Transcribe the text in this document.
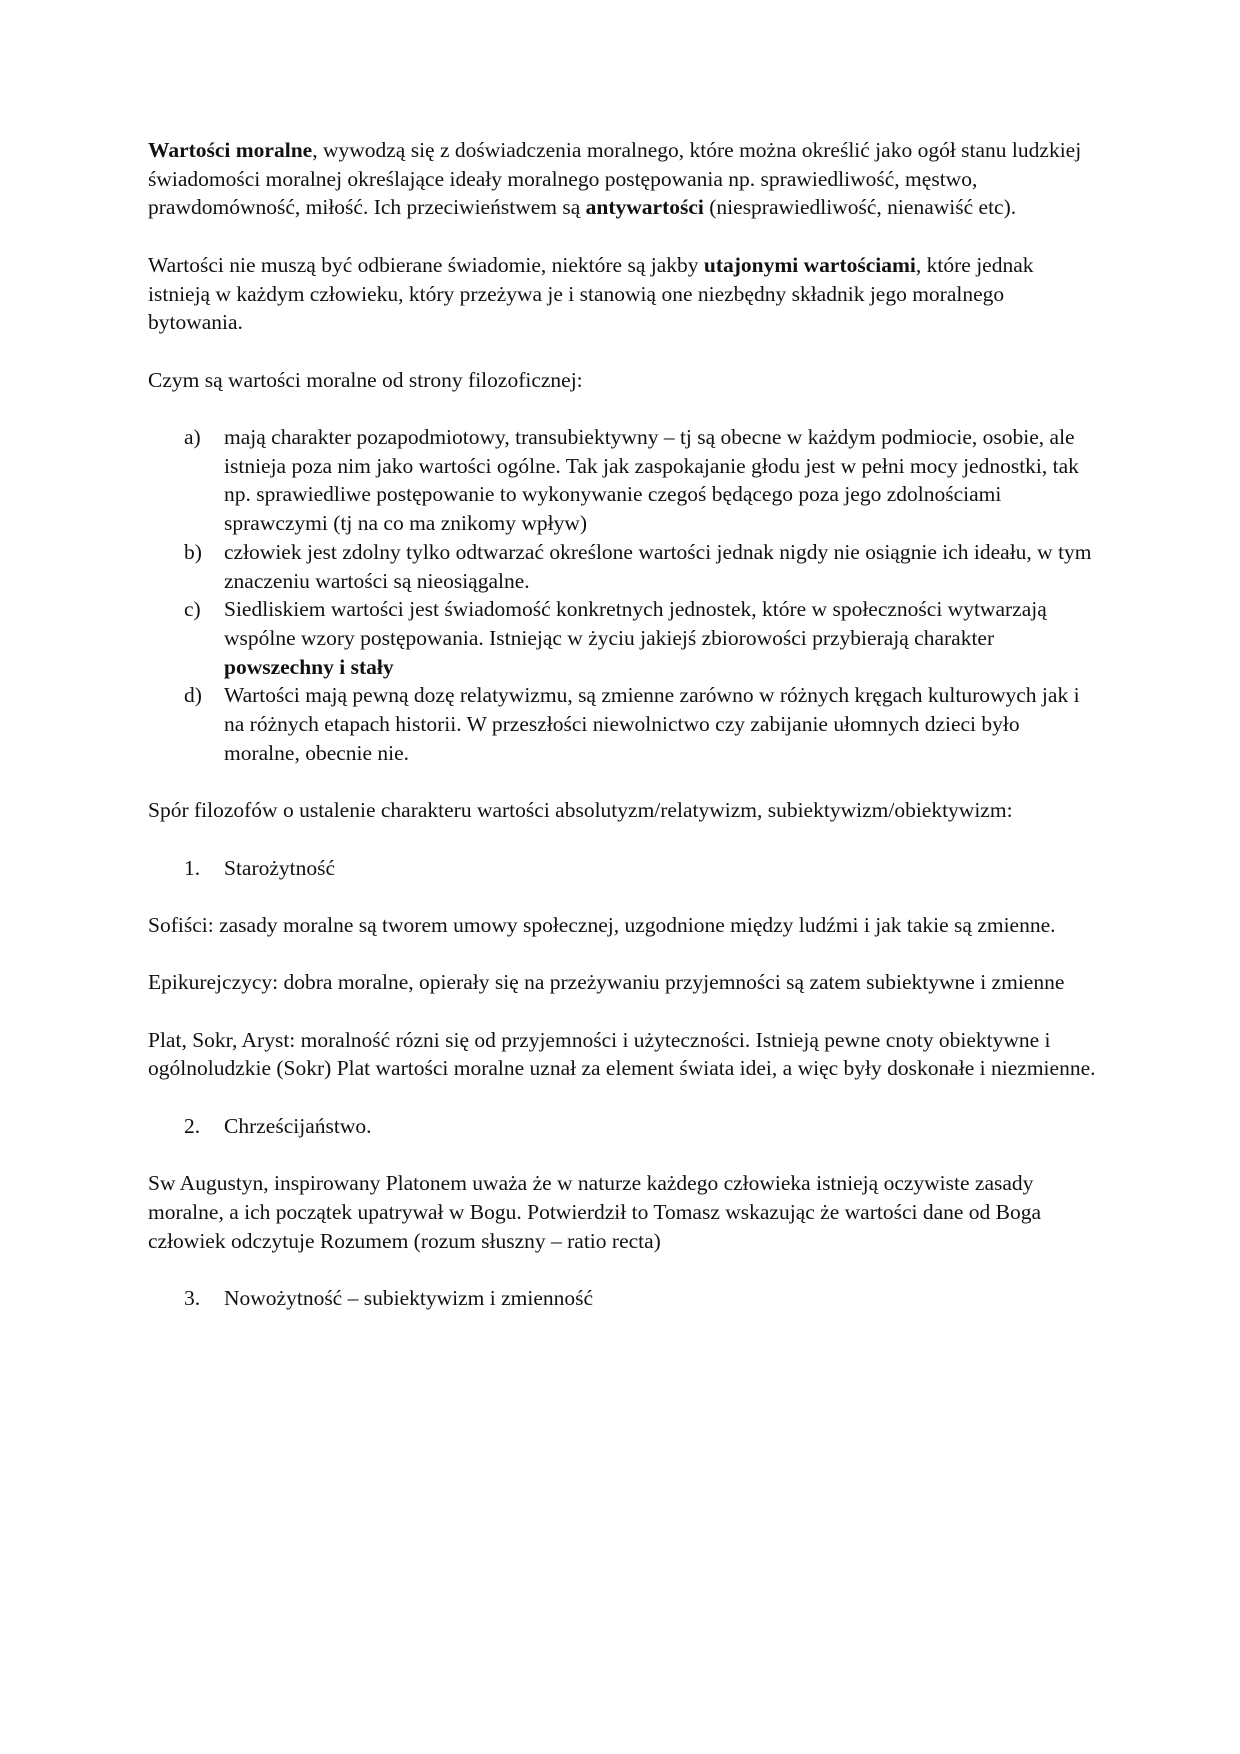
Wartości moralne, wywodzą się z doświadczenia moralnego, które można określić jako ogół stanu ludzkiej świadomości moralnej określające ideały moralnego postępowania np. sprawiedliwość, męstwo, prawdomówność, miłość. Ich przeciwieństwem są antywartości (niesprawiedliwość, nienawiść etc).

Wartości nie muszą być odbierane świadomie, niektóre są jakby utajonymi wartościami, które jednak istnieją w każdym człowieku, który przeżywa je i stanowią one niezbędny składnik jego moralnego bytowania.

Czym są wartości moralne od strony filozoficznej:

a) mają charakter pozapodmiotowy, transubiektywny – tj są obecne w każdym podmiocie, osobie, ale istnieja poza nim jako wartości ogólne. Tak jak zaspokajanie głodu jest w pełni mocy jednostki, tak np. sprawiedliwe postępowanie to wykonywanie czegoś będącego poza jego zdolnościami sprawczymi (tj na co ma znikomy wpływ)
b) człowiek jest zdolny tylko odtwarzać określone wartości jednak nigdy nie osiągnie ich ideału, w tym znaczeniu wartości są nieosiągalne.
c) Siedliskiem wartości jest świadomość konkretnych jednostek, które w społeczności wytwarzają wspólne wzory postępowania. Istniejąc w życiu jakiejś zbiorowości przybierają charakter powszechny i stały
d) Wartości mają pewną dozę relatywizmu, są zmienne zarówno w różnych kręgach kulturowych jak i na różnych etapach historii. W przeszłości niewolnictwo czy zabijanie ułomnych dzieci było moralne, obecnie nie.

Spór filozofów o ustalenie charakteru wartości absolutyzm/relatywizm, subiektywizm/obiektywizm:

1. Starożytność

Sofiści: zasady moralne są tworem umowy społecznej, uzgodnione między ludźmi i jak takie są zmienne.

Epikurejczycy: dobra moralne, opierały się na przeżywaniu przyjemności są zatem subiektywne i zmienne

Plat, Sokr, Aryst: moralność rózni się od przyjemności i użyteczności. Istnieją pewne cnoty obiektywne i ogólnoludzkie (Sokr) Plat wartości moralne uznał za element świata idei, a więc były doskonałe i niezmienne.

2. Chrześcijaństwo.

Sw Augustyn, inspirowany Platonem uważa że w naturze każdego człowieka istnieją oczywiste zasady moralne, a ich początek upatrywał w Bogu. Potwierdził to Tomasz wskazując że wartości dane od Boga człowiek odczytuje Rozumem (rozum słuszny – ratio recta)

3. Nowożytność – subiektywizm i zmienność
